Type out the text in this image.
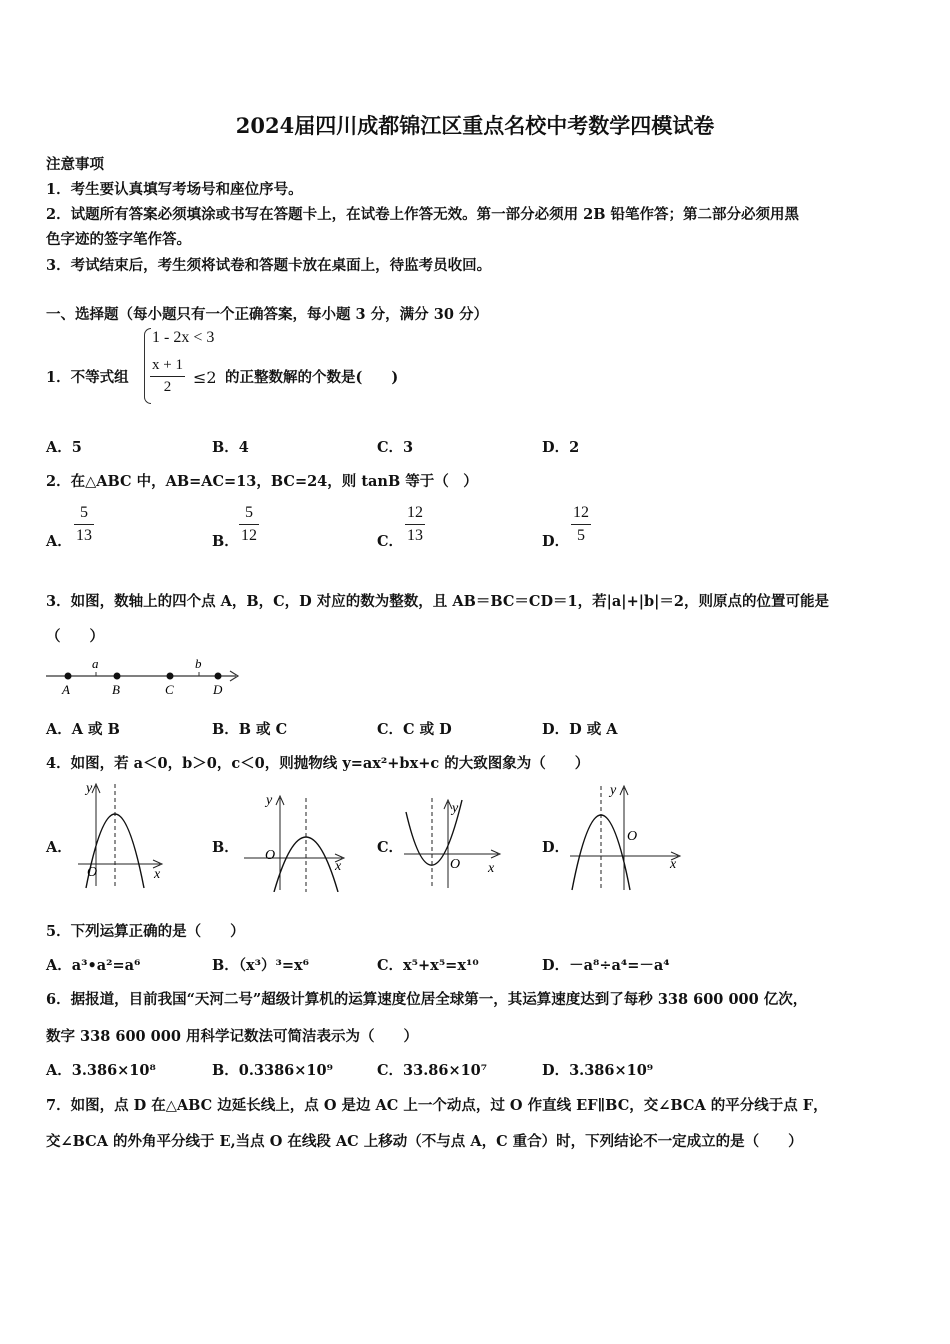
2024届四川成都锦江区重点名校中考数学四模试卷
注意事项
1．考生要认真填写考场号和座位序号。
2．试题所有答案必须填涂或书写在答题卡上，在试卷上作答无效。第一部分必须用 2B 铅笔作答；第二部分必须用黑
色字迹的签字笔作答。
3．考试结束后，考生须将试卷和答题卡放在桌面上，待监考员收回。
一、选择题（每小题只有一个正确答案，每小题 3 分，满分 30 分）
1．不等式组
1 - 2x < 3
$\frac{x + 1}{2} \le 2$ 的正整数解的个数是(　　)
A．5	B．4	C．3	D．2
2．在△ABC 中，AB=AC=13，BC=24，则 tanB 等于（　）
A． $\frac{5}{13}$	B． $\frac{5}{12}$	C． $\frac{12}{13}$	D． $\frac{12}{5}$
3．如图，数轴上的四个点 A，B，C，D 对应的数为整数，且 AB＝BC＝CD＝1，若|a|+|b|＝2，则原点的位置可能是
（　　）
a	b
A	B	C	D
A．A 或 B	B．B 或 C	C．C 或 D	D．D 或 A
4．如图，若 a＜0，b＞0，c＜0，则抛物线 y=ax²+bx+c 的大致图象为（　　）
A．
y
x
O
B．
y
x
O	C．
y
x
O
D．
y
x
O
5．下列运算正确的是（　　）
A．a³•a²=a⁶	B．（x³）³=x⁶	C．x⁵+x⁵=x¹⁰	D．－a⁸÷a⁴=－a⁴
6．据报道，目前我国“天河二号”超级计算机的运算速度位居全球第一，其运算速度达到了每秒 338 600 000 亿次，
数字 338 600 000 用科学记数法可简洁表示为（　　）
A．3.386×10⁸	B．0.3386×10⁹	C．33.86×10⁷	D．3.386×10⁹
7．如图，点 D 在△ABC 边延长线上，点 O 是边 AC 上一个动点，过 O 作直线 EF∥BC，交∠BCA 的平分线于点 F，
交∠BCA 的外角平分线于 E,当点 O 在线段 AC 上移动（不与点 A，C 重合）时，下列结论不一定成立的是（　　）
